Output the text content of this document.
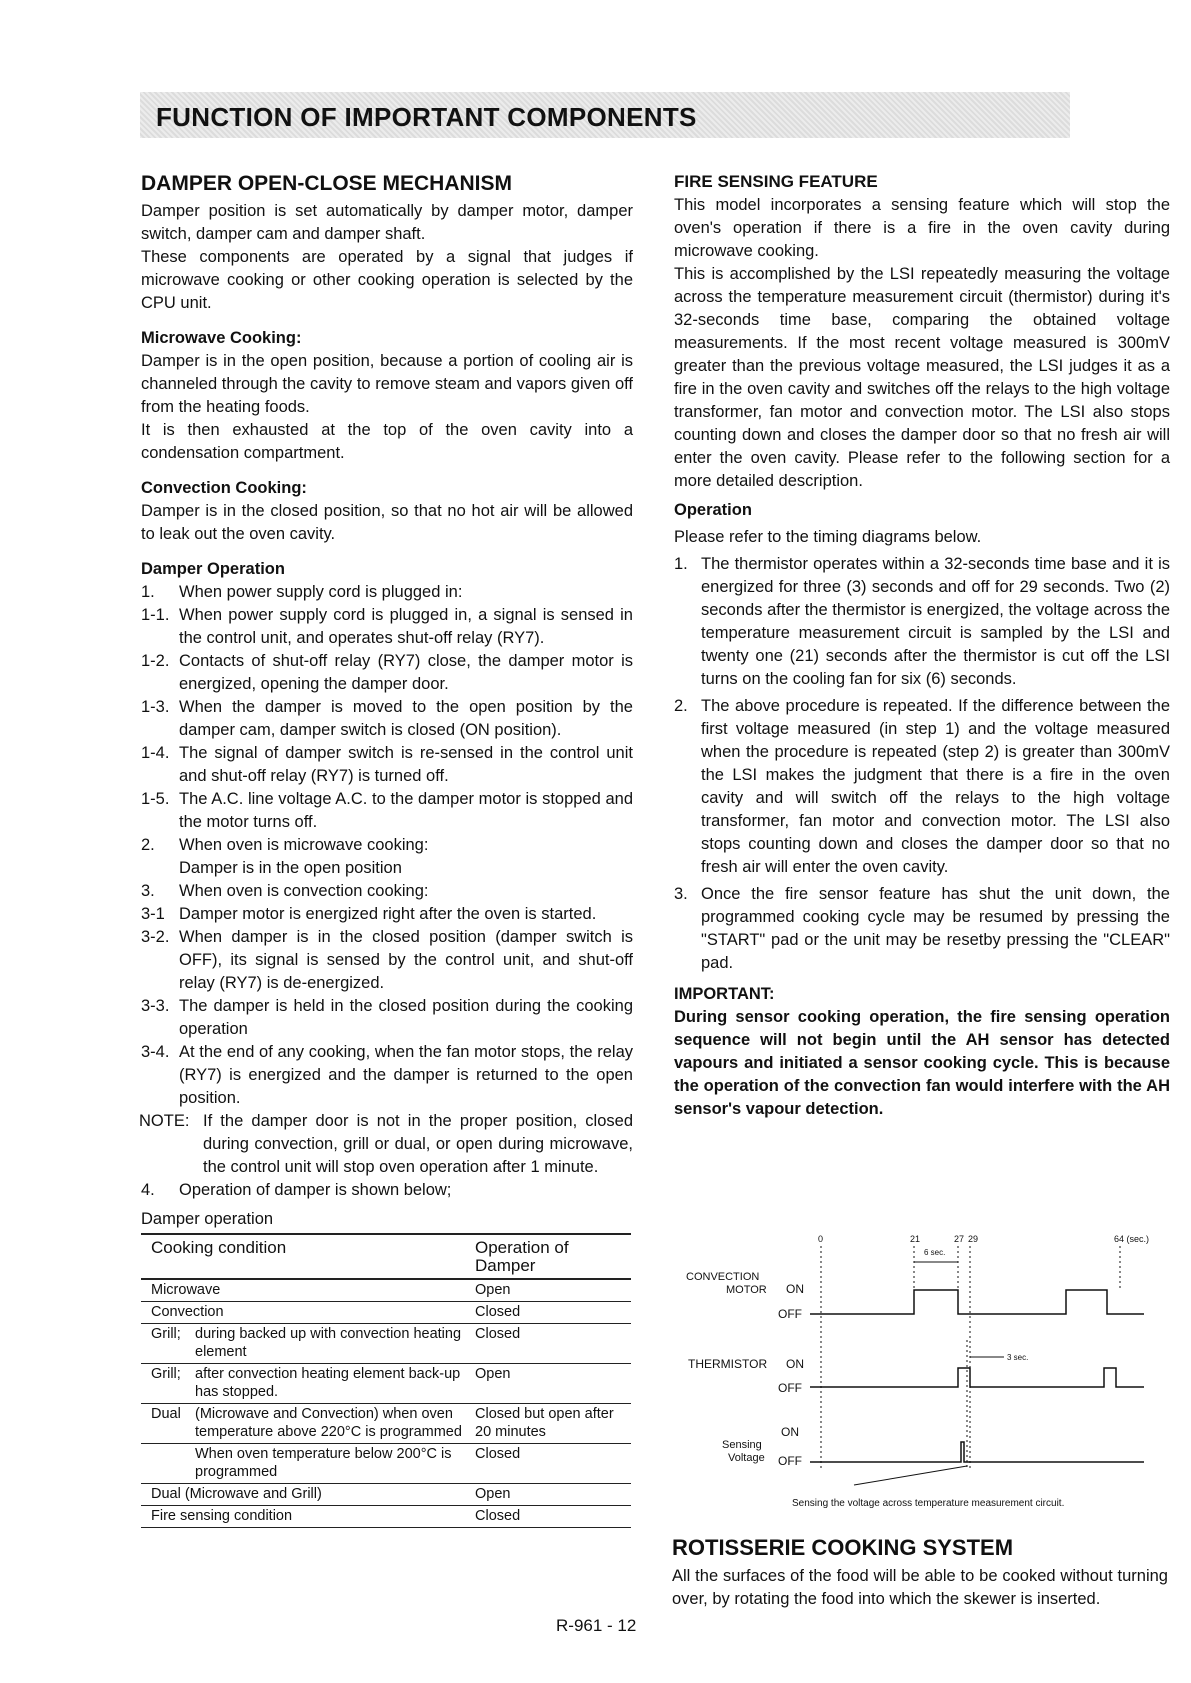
FUNCTION OF IMPORTANT COMPONENTS
DAMPER OPEN-CLOSE MECHANISM

Damper position is set automatically by damper motor, damper switch, damper cam and damper shaft.

These components are operated by a signal that judges if microwave cooking or other cooking operation is selected by the CPU unit.

Microwave Cooking:

Damper is in the open position, because a portion of cooling air is channeled through the cavity to remove steam and vapors given off from the heating foods.

It is then exhausted at the top of the oven cavity into a condensation compartment.

Convection Cooking:

Damper is in the closed position, so that no hot air will be allowed to leak out the oven cavity.

Damper Operation
1.	When power supply cord is plugged in:
1-1. When power supply cord is plugged in, a signal is sensed in the control unit, and operates shut-off relay (RY7).
1-2. Contacts of shut-off relay (RY7) close, the damper motor is energized, opening the damper door.
1-3. When the damper is moved to the open position by the damper cam, damper switch is closed (ON position).
1-4. The signal of damper switch is re-sensed in the control unit and shut-off relay (RY7) is turned off.
1-5. The A.C. line voltage A.C. to the damper motor is stopped and the motor turns off.
2.	When oven is microwave cooking:
Damper is in the open position
3.	When oven is convection cooking:
3-1 Damper motor is energized right after the oven is started.
3-2. When damper is in the closed position (damper switch is OFF), its signal is sensed by the control unit, and shut-off relay (RY7) is de-energized.
3-3. The damper is held in the closed position during the cooking operation
3-4. At the end of any cooking, when the fan motor stops, the relay (RY7) is energized and the damper is returned to the open position.
NOTE: If the damper door is not in the proper position, closed during convection, grill or dual, or open during microwave, the control unit will stop oven operation after 1 minute.
4.	Operation of damper is shown below;
Damper operation
Cooking condition	Operation of Damper
Microwave	Open
Convection	Closed

Grill; during backed up with convection heating element	Closed

Grill; after convection heating element back-up has stopped.	Open

Dual (Microwave and Convection) when oven temperature above 220°C is programmed	Closed but open after 20 minutes

When oven temperature below 200°C is programmed	Closed
Dual (Microwave and Grill)	Open
Fire sensing condition	Closed
FIRE SENSING FEATURE

This model incorporates a sensing feature which will stop the oven's operation if there is a fire in the oven cavity during microwave cooking.

This is accomplished by the LSI repeatedly measuring the voltage across the temperature measurement circuit (thermistor) during it's 32-seconds time base, comparing the obtained voltage measurements. If the most recent voltage measured is 300mV greater than the previous voltage measured, the LSI judges it as a fire in the oven cavity and switches off the relays to the high voltage transformer, fan motor and convection motor. The LSI also stops counting down and closes the damper door so that no fresh air will enter the oven cavity. Please refer to the following section for a more detailed description.

Operation

Please refer to the timing diagrams below.

1. The thermistor operates within a 32-seconds time base and it is energized for three (3) seconds and off for 29 seconds. Two (2) seconds after the thermistor is energized, the voltage across the temperature measurement circuit is sampled by the LSI and twenty one (21) seconds after the thermistor is cut off the LSI turns on the cooling fan for six (6) seconds.
2. The above procedure is repeated. If the difference between the first voltage measured (in step 1) and the voltage measured when the procedure is repeated (step 2) is greater than 300mV the LSI makes the judgment that there is a fire in the oven cavity and will switch off the relays to the high voltage transformer, fan motor and convection motor. The LSI also stops counting down and closes the damper door so that no fresh air will enter the oven cavity.
3. Once the fire sensor feature has shut the unit down, the programmed cooking cycle may be resumed by pressing the "START" pad or the unit may be resetby pressing the "CLEAR" pad.
IMPORTANT:

During sensor cooking operation, the fire sensing operation sequence will not begin until the AH sensor has detected vapours and initiated a sensor cooking cycle. This is because the operation of the convection fan would interfere with the AH sensor's vapour detection.

0	21	27 29	64 (sec.)
6 sec.
CONVECTION
MOTOR ON
OFF
THERMISTOR ON
OFF
3 sec.
ON
Sensing
Voltage OFF
Sensing the voltage across temperature measurement circuit.
ROTISSERIE COOKING SYSTEM

All the surfaces of the food will be able to be cooked without turning over, by rotating the food into which the skewer is inserted.

R-961 - 12
